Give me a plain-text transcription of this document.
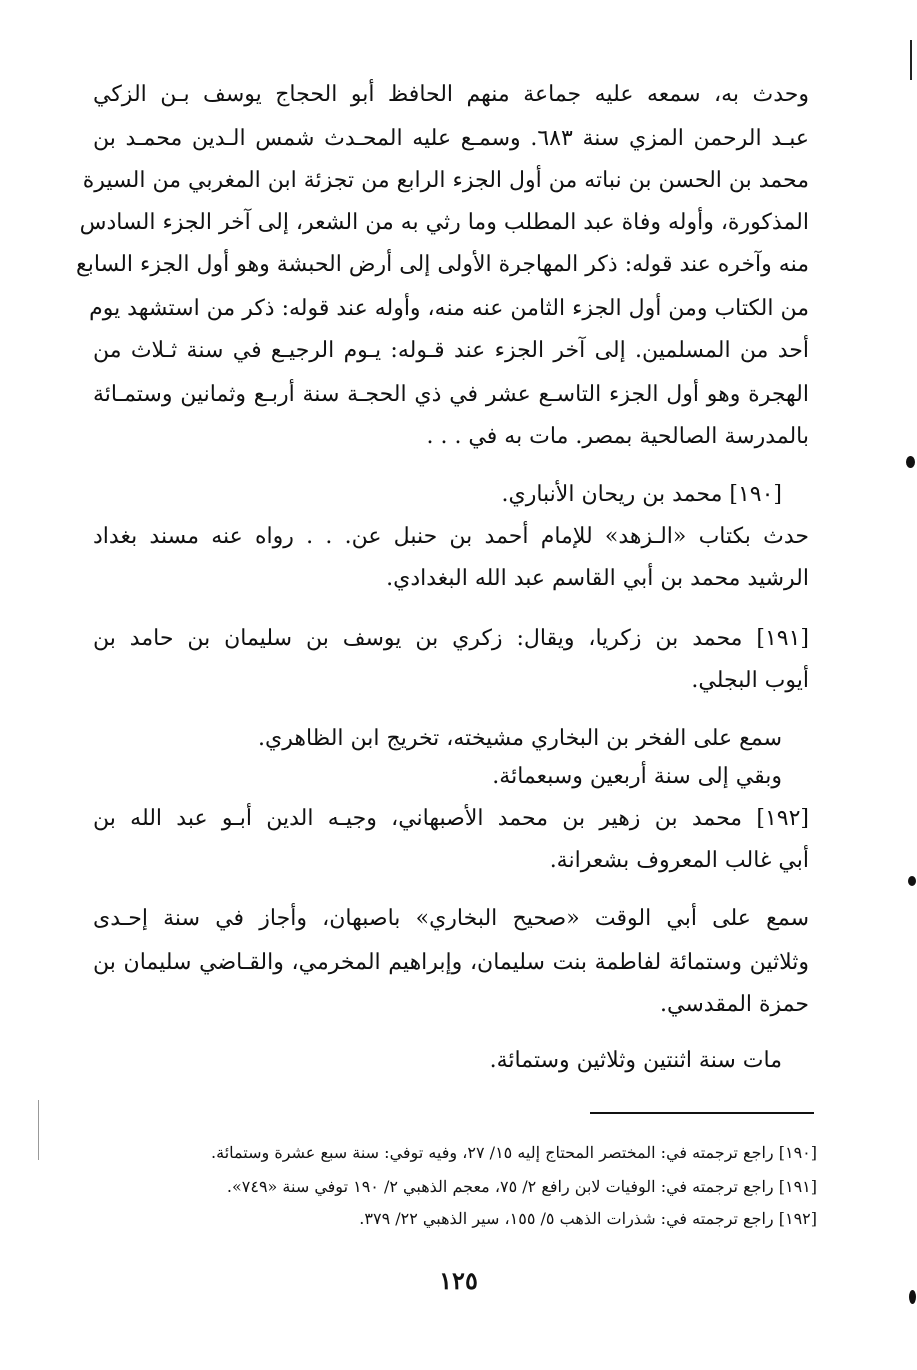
وحدث به، سمعه عليه جماعة منهم الحافظ أبو الحجاج يوسف بـن الزكي
عبـد الرحمن المزي سنة ٦٨٣. وسمـع عليه المحـدث شمس الـدين محمـد بن
محمد بن الحسن بن نباته من أول الجزء الرابع من تجزئة ابن المغربي من السيرة
المذكورة، وأوله وفاة عبد المطلب وما رثي به من الشعر، إلى آخر الجزء السادس
منه وآخره عند قوله: ذكر المهاجرة الأولى إلى أرض الحبشة وهو أول الجزء السابع
من الكتاب ومن أول الجزء الثامن عنه منه، وأوله عند قوله: ذكر من استشهد يوم
أحد من المسلمين. إلى آخر الجزء عند قـوله: يـوم الرجيـع في سنة ثـلاث من
الهجرة وهو أول الجزء التاسـع عشر في ذي الحجـة سنة أربـع وثمانين وستمـائة
بالمدرسة الصالحية بمصر. مات به في . . .
[١٩٠] محمد بن ريحان الأنباري.
حدث بكتاب «الـزهد» للإمام أحمد بن حنبل عن. . . رواه عنه مسند بغداد
الرشيد محمد بن أبي القاسم عبد الله البغدادي.
[١٩١] محمد بن زكريا، ويقال: زكري بن يوسف بن سليمان بن حامد بن
أيوب البجلي.
سمع على الفخر بن البخاري مشيخته، تخريج ابن الظاهري.
وبقي إلى سنة أربعين وسبعمائة.
[١٩٢] محمد بن زهير بن محمد الأصبهاني، وجيـه الدين أبـو عبد الله بن
أبي غالب المعروف بشعرانة.
سمع على أبي الوقت «صحيح البخاري» باصبهان، وأجاز في سنة إحـدى
وثلاثين وستمائة لفاطمة بنت سليمان، وإبراهيم المخرمي، والقـاضي سليمان بن
حمزة المقدسي.
مات سنة اثنتين وثلاثين وستمائة.
[١٩٠] راجع ترجمته في: المختصر المحتاج إليه ١٥/ ٢٧، وفيه توفي: سنة سبع عشرة وستمائة.
[١٩١] راجع ترجمته في: الوفيات لابن رافع ٢/ ٧٥، معجم الذهبي ٢/ ١٩٠ توفي سنة «٧٤٩».
[١٩٢] راجع ترجمته في: شذرات الذهب ٥/ ١٥٥، سير الذهبي ٢٢/ ٣٧٩.
١٢٥
